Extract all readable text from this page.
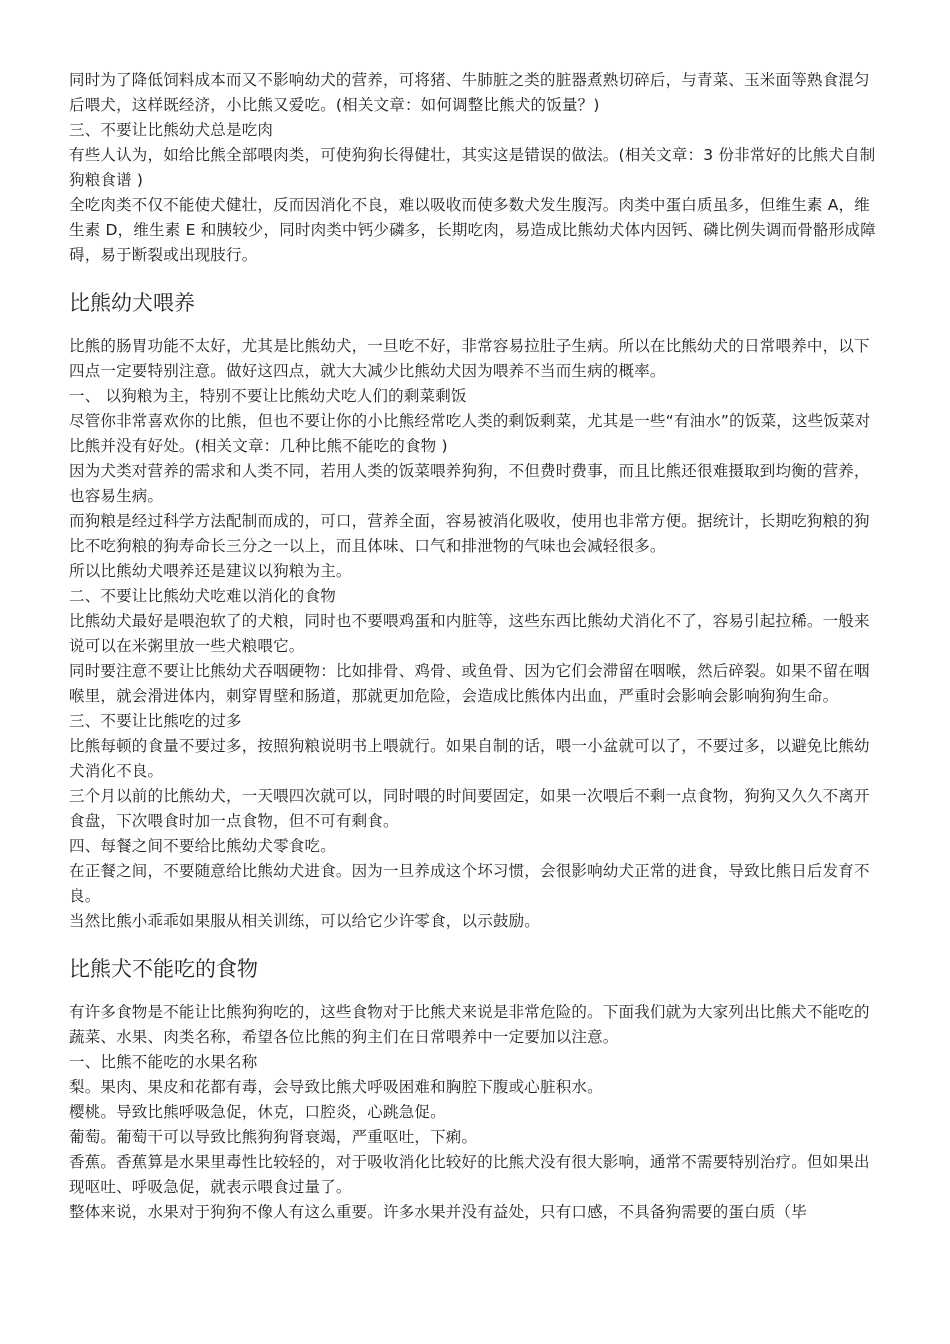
同时为了降低饲料成本而又不影响幼犬的营养，可将猪、牛肺脏之类的脏器煮熟切碎后，与青菜、玉米面等熟食混匀后喂犬，这样既经济，小比熊又爱吃。(相关文章：如何调整比熊犬的饭量？)

三、不要让比熊幼犬总是吃肉

有些人认为，如给比熊全部喂肉类，可使狗狗长得健壮，其实这是错误的做法。(相关文章：3 份非常好的比熊犬自制狗粮食谱 )

全吃肉类不仅不能使犬健壮，反而因消化不良，难以吸收而使多数犬发生腹泻。肉类中蛋白质虽多，但维生素 A，维生素 D，维生素 E 和胰较少，同时肉类中钙少磷多，长期吃肉，易造成比熊幼犬体内因钙、磷比例失调而骨骼形成障碍，易于断裂或出现肢行。

比熊幼犬喂养

比熊的肠胃功能不太好，尤其是比熊幼犬，一旦吃不好，非常容易拉肚子生病。所以在比熊幼犬的日常喂养中，以下四点一定要特别注意。做好这四点，就大大减少比熊幼犬因为喂养不当而生病的概率。

一、 以狗粮为主，特别不要让比熊幼犬吃人们的剩菜剩饭

尽管你非常喜欢你的比熊，但也不要让你的小比熊经常吃人类的剩饭剩菜，尤其是一些“有油水”的饭菜，这些饭菜对比熊并没有好处。(相关文章：几种比熊不能吃的食物 )

因为犬类对营养的需求和人类不同，若用人类的饭菜喂养狗狗，不但费时费事，而且比熊还很难摄取到均衡的营养，也容易生病。

而狗粮是经过科学方法配制而成的，可口，营养全面，容易被消化吸收，使用也非常方便。据统计，长期吃狗粮的狗比不吃狗粮的狗寿命长三分之一以上，而且体味、口气和排泄物的气味也会减轻很多。

所以比熊幼犬喂养还是建议以狗粮为主。

二、不要让比熊幼犬吃难以消化的食物

比熊幼犬最好是喂泡软了的犬粮，同时也不要喂鸡蛋和内脏等，这些东西比熊幼犬消化不了，容易引起拉稀。一般来说可以在米粥里放一些犬粮喂它。

同时要注意不要让比熊幼犬吞咽硬物：比如排骨、鸡骨、或鱼骨、因为它们会滞留在咽喉，然后碎裂。如果不留在咽喉里，就会滑进体内，刺穿胃壁和肠道，那就更加危险，会造成比熊体内出血，严重时会影响会影响狗狗生命。

三、不要让比熊吃的过多

比熊每顿的食量不要过多，按照狗粮说明书上喂就行。如果自制的话，喂一小盆就可以了，不要过多，以避免比熊幼犬消化不良。

三个月以前的比熊幼犬，一天喂四次就可以，同时喂的时间要固定，如果一次喂后不剩一点食物，狗狗又久久不离开食盘，下次喂食时加一点食物，但不可有剩食。

四、每餐之间不要给比熊幼犬零食吃。

在正餐之间，不要随意给比熊幼犬进食。因为一旦养成这个坏习惯，会很影响幼犬正常的进食，导致比熊日后发育不良。

当然比熊小乖乖如果服从相关训练，可以给它少许零食，以示鼓励。

比熊犬不能吃的食物

有许多食物是不能让比熊狗狗吃的，这些食物对于比熊犬来说是非常危险的。下面我们就为大家列出比熊犬不能吃的蔬菜、水果、肉类名称，希望各位比熊的狗主们在日常喂养中一定要加以注意。

一、比熊不能吃的水果名称

梨。果肉、果皮和花都有毒，会导致比熊犬呼吸困难和胸腔下腹或心脏积水。

樱桃。导致比熊呼吸急促，休克，口腔炎，心跳急促。

葡萄。葡萄干可以导致比熊狗狗肾衰竭，严重呕吐，下痢。

香蕉。香蕉算是水果里毒性比较轻的，对于吸收消化比较好的比熊犬没有很大影响，通常不需要特别治疗。但如果出现呕吐、呼吸急促，就表示喂食过量了。

整体来说，水果对于狗狗不像人有这么重要。许多水果并没有益处，只有口感，不具备狗需要的蛋白质（毕
